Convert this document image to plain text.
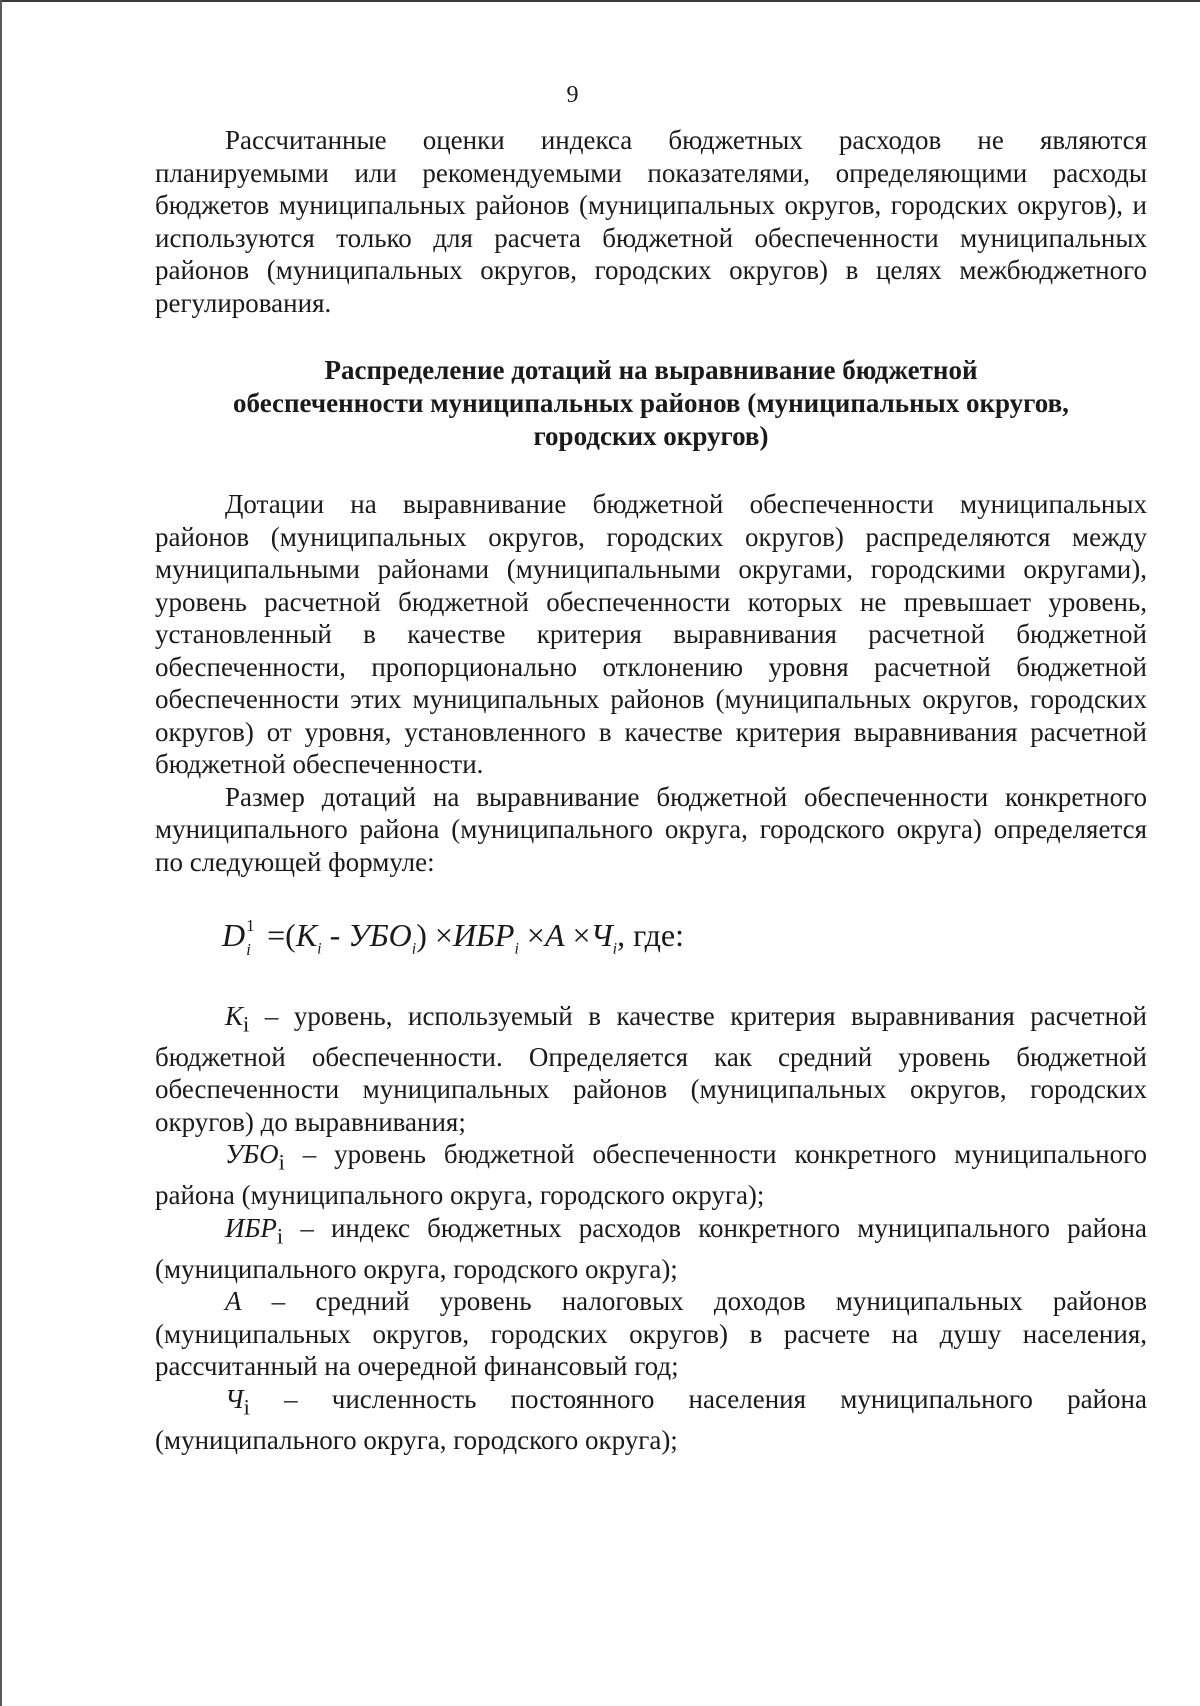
9

Рассчитанные оценки индекса бюджетных расходов не являются планируемыми или рекомендуемыми показателями, определяющими расходы бюджетов муниципальных районов (муниципальных округов, городских округов), и используются только для расчета бюджетной обеспеченности муниципальных районов (муниципальных округов, городских округов) в целях межбюджетного регулирования.

Распределение дотаций на выравнивание бюджетной
обеспеченности муниципальных районов (муниципальных округов,
городских округов)

Дотации на выравнивание бюджетной обеспеченности муниципальных районов (муниципальных округов, городских округов) распределяются между муниципальными районами (муниципальными округами, городскими округами), уровень расчетной бюджетной обеспеченности которых не превышает уровень, установленный в качестве критерия выравнивания расчетной бюджетной обеспеченности, пропорционально отклонению уровня расчетной бюджетной обеспеченности этих муниципальных районов (муниципальных округов, городских округов) от уровня, установленного в качестве критерия выравнивания расчетной бюджетной обеспеченности.

Размер дотаций на выравнивание бюджетной обеспеченности конкретного муниципального района (муниципального округа, городского округа) определяется по следующей формуле:

D 1
$i =(K_i - УБО_i) \times ИБР_i \times A \times Ч_i$, где:

$K_i$ – уровень, используемый в качестве критерия выравнивания расчетной бюджетной обеспеченности. Определяется как средний уровень бюджетной обеспеченности муниципальных районов (муниципальных округов, городских округов) до выравнивания;

$УБО_i$ – уровень бюджетной обеспеченности конкретного муниципального района (муниципального округа, городского округа);

$ИБР_i$ – индекс бюджетных расходов конкретного муниципального района (муниципального округа, городского округа);

А – средний уровень налоговых доходов муниципальных районов (муниципальных округов, городских округов) в расчете на душу населения, рассчитанный на очередной финансовый год;

$Ч_i$ – численность постоянного населения муниципального района (муниципального округа, городского округа);
